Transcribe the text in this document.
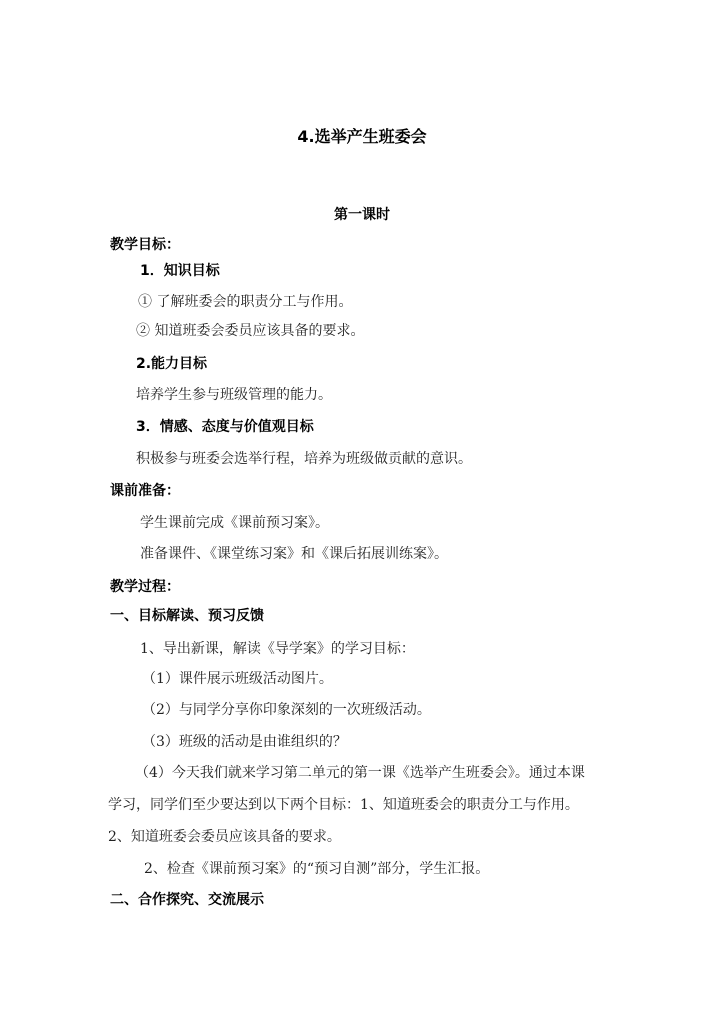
4.选举产生班委会
第一课时
教学目标：
1．知识目标
① 了解班委会的职责分工与作用。
② 知道班委会委员应该具备的要求。
2.能力目标
培养学生参与班级管理的能力。
3．情感、态度与价值观目标
积极参与班委会选举行程，培养为班级做贡献的意识。
课前准备：
学生课前完成《课前预习案》。
准备课件、《课堂练习案》和《课后拓展训练案》。
教学过程：
一、目标解读、预习反馈
1、导出新课，解读《导学案》的学习目标：
（1）课件展示班级活动图片。
（2）与同学分享你印象深刻的一次班级活动。
（3）班级的活动是由谁组织的？
（4）今天我们就来学习第二单元的第一课《选举产生班委会》。通过本课
学习，同学们至少要达到以下两个目标：1、知道班委会的职责分工与作用。
2、知道班委会委员应该具备的要求。
2、检查《课前预习案》的“预习自测”部分，学生汇报。
二、合作探究、交流展示
